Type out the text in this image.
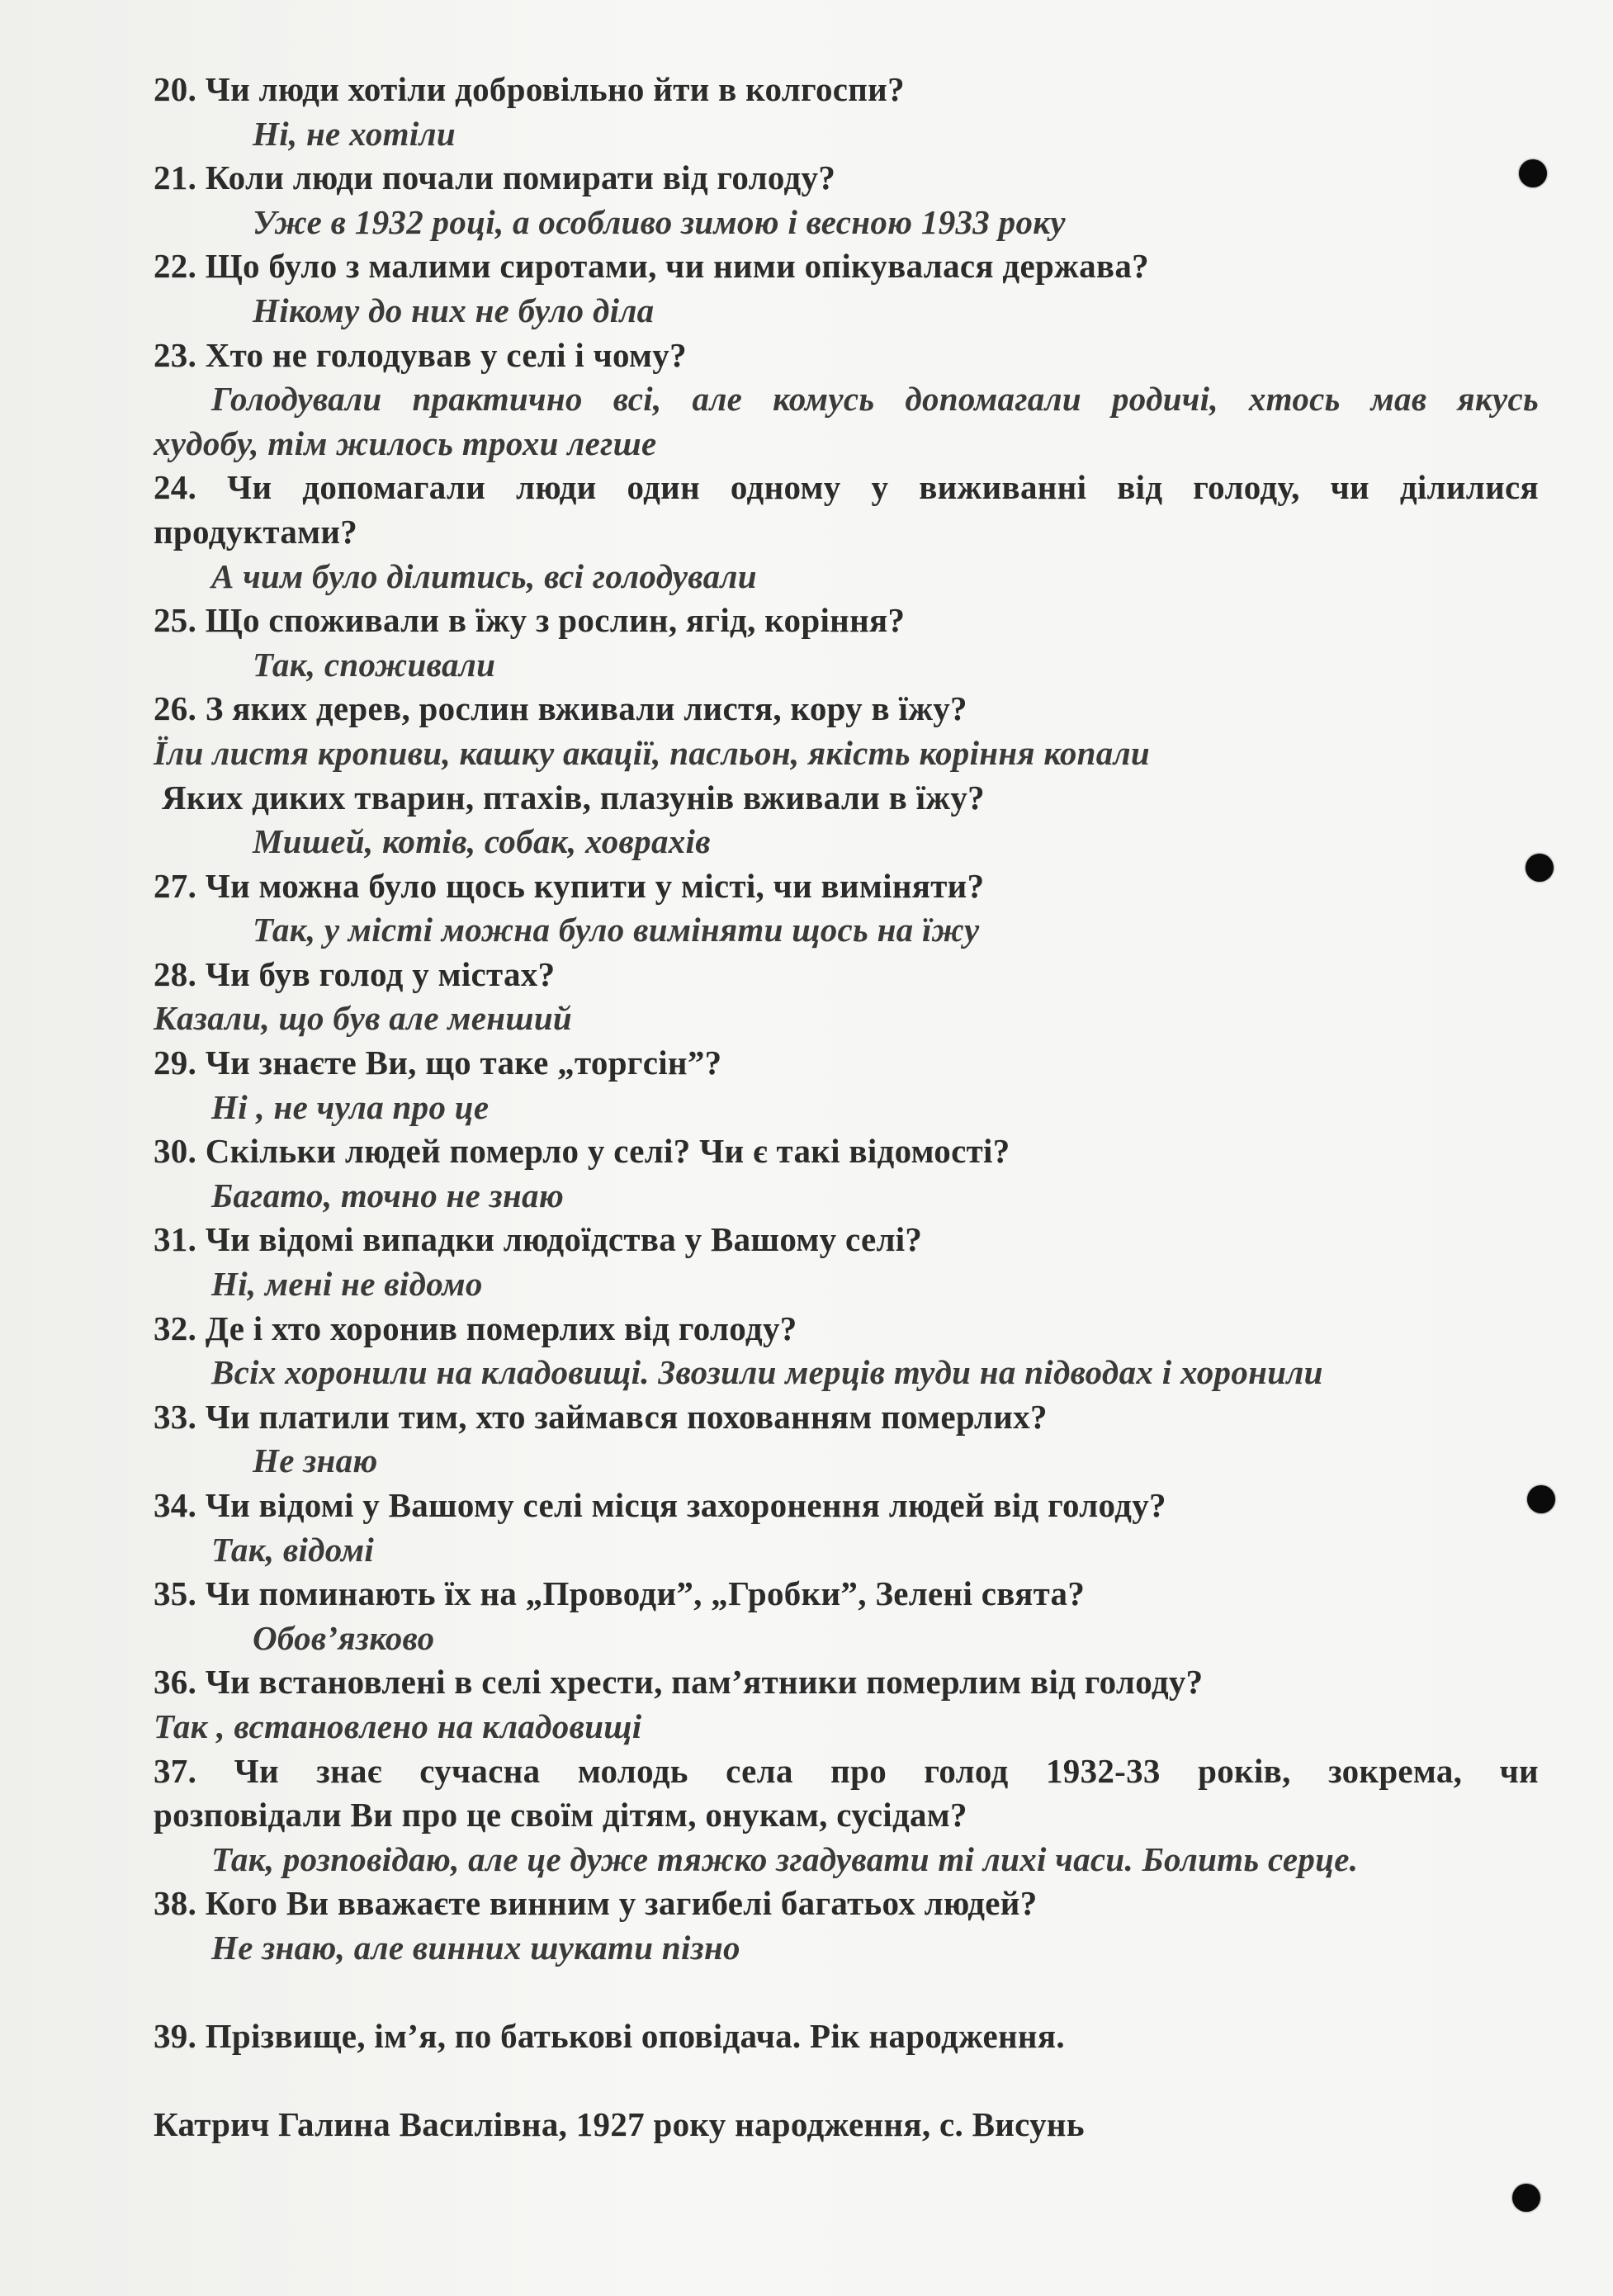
20. Чи люди хотіли добровільно йти в колгоспи?
Ні, не хотіли
21. Коли люди почали помирати від голоду?
Уже в 1932 році, а особливо зимою і весною 1933 року
22. Що було з малими сиротами, чи ними опікувалася держава?
Нікому до них не було діла
23. Хто не голодував у селі і чому?
Голодували практично всі, але комусь допомагали родичі, хтось мав якусь
худобу, тім жилось трохи легше
24. Чи допомагали люди один одному у виживанні від голоду, чи ділилися
продуктами?
А чим було ділитись, всі голодували
25. Що споживали в їжу з рослин, ягід, коріння?
Так, споживали
26. З яких дерев, рослин вживали листя, кору в їжу?
Їли листя кропиви, кашку акації, пасльон, якість коріння копали
Яких диких тварин, птахів, плазунів вживали в їжу?
Мишей, котів, собак, ховрахів
27. Чи можна було щось купити у місті, чи виміняти?
Так, у місті можна було виміняти щось на їжу
28. Чи був голод у містах?
Казали, що був але менший
29. Чи знаєте Ви, що таке „торгсін”?
Ні , не чула про це
30. Скільки людей померло у селі? Чи є такі відомості?
Багато, точно не знаю
31. Чи відомі випадки людоїдства у Вашому селі?
Ні, мені не відомо
32. Де і хто хоронив померлих від голоду?
Всіх хоронили на кладовищі. Звозили мерців туди на підводах і хоронили
33. Чи платили тим, хто займався похованням померлих?
Не знаю
34. Чи відомі у Вашому селі місця захоронення людей від голоду?
Так, відомі
35. Чи поминають їх на „Проводи”, „Гробки”, Зелені свята?
Обов’язково
36. Чи встановлені в селі хрести, пам’ятники померлим від голоду?
Так , встановлено на кладовищі
37. Чи знає сучасна молодь села про голод 1932-33 років, зокрема, чи
розповідали Ви про це своїм дітям, онукам, сусідам?
Так, розповідаю, але це дуже тяжко згадувати ті лихі часи. Болить серце.
38. Кого Ви вважаєте винним у загибелі багатьох людей?
Не знаю, але винних шукати пізно
39. Прізвище, ім’я, по батькові оповідача. Рік народження.
Катрич Галина Василівна, 1927 року народження, с. Висунь
